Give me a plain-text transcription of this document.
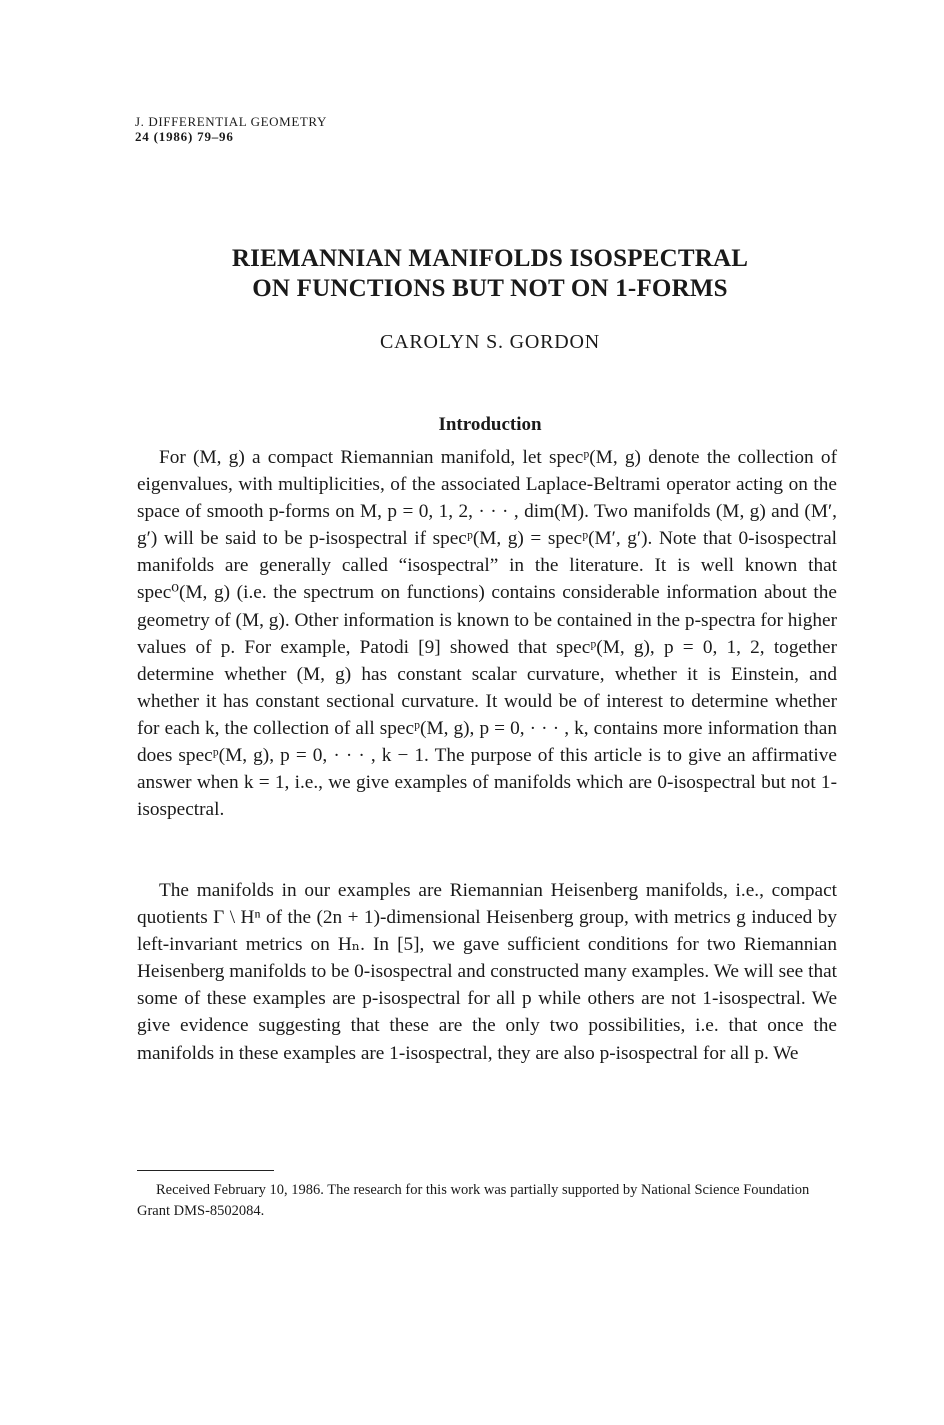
J. DIFFERENTIAL GEOMETRY
24 (1986) 79–96
RIEMANNIAN MANIFOLDS ISOSPECTRAL
ON FUNCTIONS BUT NOT ON 1-FORMS
CAROLYN S. GORDON
Introduction

For (M, g) a compact Riemannian manifold, let specᵖ(M, g) denote the collection of eigenvalues, with multiplicities, of the associated Laplace-Beltrami operator acting on the space of smooth p-forms on M, p = 0, 1, 2, · · · , dim(M). Two manifolds (M, g) and (M′, g′) will be said to be p-isospectral if specᵖ(M, g) = specᵖ(M′, g′). Note that 0-isospectral manifolds are generally called “isospectral” in the literature. It is well known that spec⁰(M, g) (i.e. the spectrum on functions) contains considerable information about the geometry of (M, g). Other information is known to be contained in the p-spectra for higher values of p. For example, Patodi [9] showed that specᵖ(M, g), p = 0, 1, 2, together determine whether (M, g) has constant scalar curvature, whether it is Einstein, and whether it has constant sectional curvature. It would be of interest to determine whether for each k, the collection of all specᵖ(M, g), p = 0, · · · , k, contains more information than does specᵖ(M, g), p = 0, · · · , k − 1. The purpose of this article is to give an affirmative answer when k = 1, i.e., we give examples of manifolds which are 0-isospectral but not 1-isospectral.

The manifolds in our examples are Riemannian Heisenberg manifolds, i.e., compact quotients Γ \ Hⁿ of the (2n + 1)-dimensional Heisenberg group, with metrics g induced by left-invariant metrics on Hₙ. In [5], we gave sufficient conditions for two Riemannian Heisenberg manifolds to be 0-isospectral and constructed many examples. We will see that some of these examples are p-isospectral for all p while others are not 1-isospectral. We give evidence suggesting that these are the only two possibilities, i.e. that once the manifolds in these examples are 1-isospectral, they are also p-isospectral for all p. We

Received February 10, 1986. The research for this work was partially supported by National Science Foundation Grant DMS-8502084.
